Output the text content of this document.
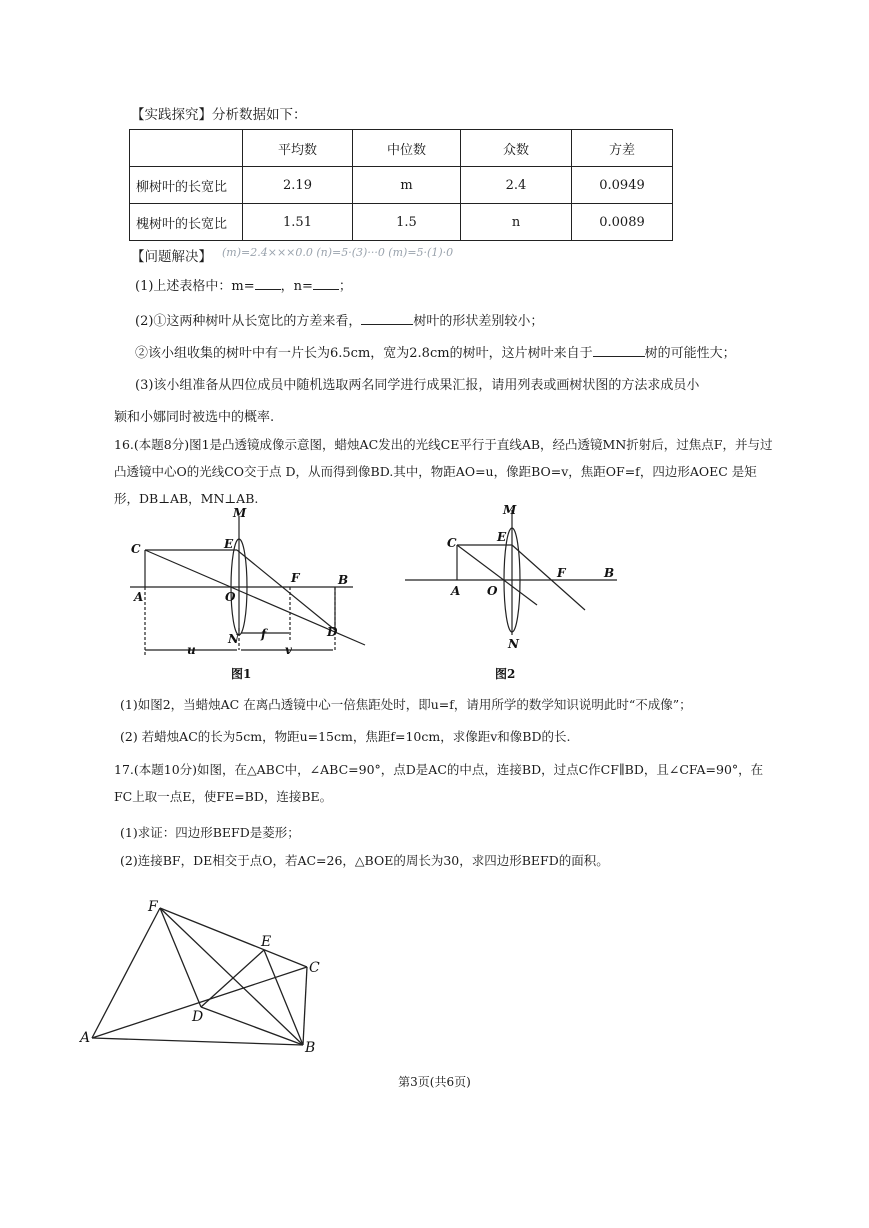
【实践探究】分析数据如下：
	平均数	中位数	众数	方差
柳树叶的长宽比	2.19	m	2.4	0.0949
槐树叶的长宽比	1.51	1.5	n	0.0089
【问题解决】 (m)=2.4×××0.0 (n)=5·(3)···0 (m)=5·(1)·0
(1)上述表格中：m= ，n= ；
(2)①这两种树叶从长宽比的方差来看，	树叶的形状差别较小；
②该小组收集的树叶中有一片长为6.5cm，宽为2.8cm的树叶，这片树叶来自于	树的可能性大；
(3)该小组准备从四位成员中随机选取两名同学进行成果汇报，请用列表或画树状图的方法求成员小
颖和小娜同时被选中的概率.
16.(本题8分)图1是凸透镜成像示意图，蜡烛AC发出的光线CE平行于直线AB，经凸透镜MN折射后，过焦点F，并与过凸透镜中心O的光线CO交于点 D，从而得到像BD.其中，物距AO=u，像距BO=v，焦距OF=f，四边形AOEC 是矩形，DB⊥AB，MN⊥AB.
M
E
C
F	B
A	O
D
N f
u	v
图1
M
E
C
F	B
A O
N
图2
(1)如图2，当蜡烛AC 在离凸透镜中心一倍焦距处时，即u=f，请用所学的数学知识说明此时“不成像”；
(2) 若蜡烛AC的长为5cm，物距u=15cm，焦距f=10cm，求像距v和像BD的长.
17.(本题10分)如图，在△ABC中，∠ABC=90°，点D是AC的中点，连接BD，过点C作CF∥BD，且∠CFA=90°，在FC上取一点E，使FE=BD，连接BE。
(1)求证：四边形BEFD是菱形；
(2)连接BF，DE相交于点O，若AC=26，△BOE的周长为30，求四边形BEFD的面积。
F
E
C
D
A
B
第3页(共6页)
